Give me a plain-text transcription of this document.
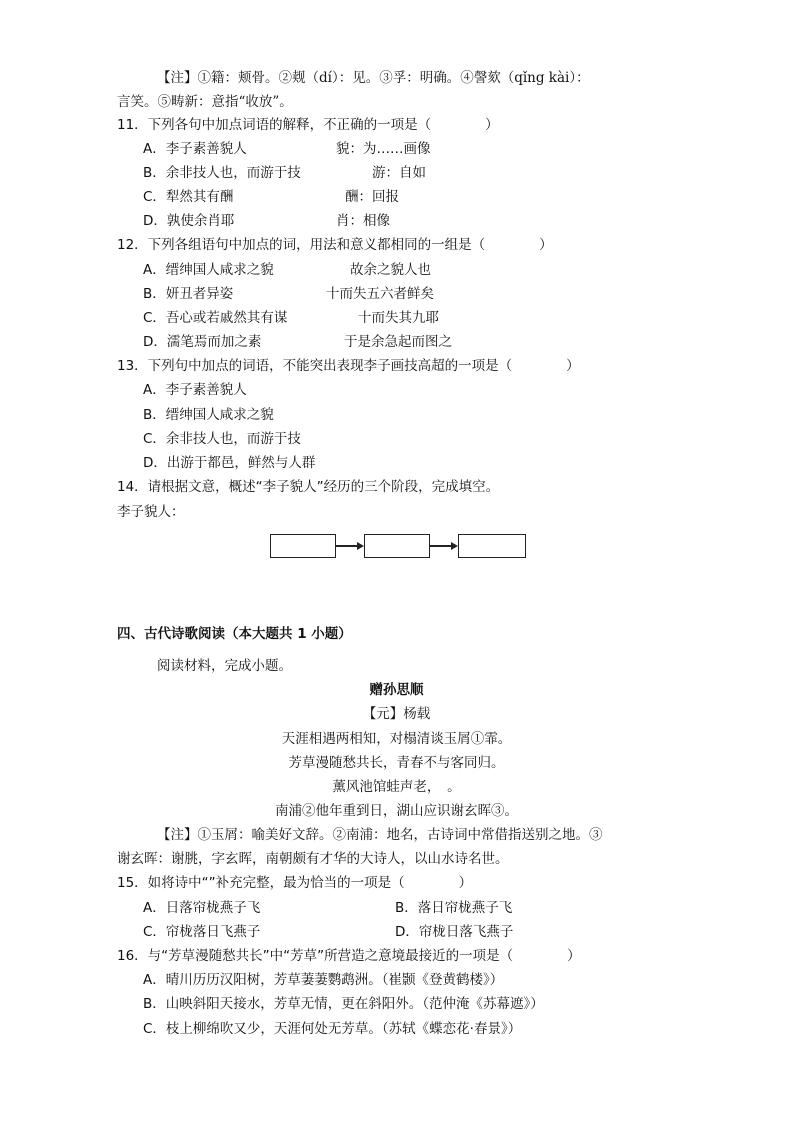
【注】①籍：颊骨。②觌（dí）：见。③孚：明确。④謦欬（qǐng kài）：
言笑。⑤畴新：意指“收放”。
11．下列各句中加点词语的解释，不正确的一项是（　　　　）
A．李子素善貌人	貌：为……画像
B．余非技人也，而游于技	游：自如
C．犁然其有酬	酬：回报
D．孰使余肖耶	肖：相像
12．下列各组语句中加点的词，用法和意义都相同的一组是（　　　　）
A．缙绅国人咸求之貌	故余之貌人也
B．妍丑者异姿	十而失五六者鲜矣
C．吾心或若戚然其有谋	十而失其九耶
D．濡笔焉而加之素	于是余急起而图之
13．下列句中加点的词语，不能突出表现李子画技高超的一项是（　　　　）
A．李子素善貌人
B．缙绅国人咸求之貌
C．余非技人也，而游于技
D．出游于都邑，鲜然与人群
14．请根据文意，概述“李子貌人”经历的三个阶段，完成填空。
李子貌人：
四、古代诗歌阅读（本大题共 1 小题）
阅读材料，完成小题。
赠孙思顺
【元】杨载
天涯相遇两相知，对榻清谈玉屑①霏。
芳草漫随愁共长，青春不与客同归。
薰风池馆蛙声老，　。
南浦②他年重到日，湖山应识谢玄晖③。
【注】①玉屑：喻美好文辞。②南浦：地名，古诗词中常借指送别之地。③
谢玄晖：谢朓，字玄晖，南朝颇有才华的大诗人，以山水诗名世。
15．如将诗中“”补充完整，最为恰当的一项是（　　　　）
A．日落帘栊燕子飞	B．落日帘栊燕子飞
C．帘栊落日飞燕子	D．帘栊日落飞燕子
16．与“芳草漫随愁共长”中“芳草”所营造之意境最接近的一项是（　　　　）
A．晴川历历汉阳树，芳草萋萋鹦鹉洲。（崔颢《登黄鹤楼》）
B．山映斜阳天接水，芳草无情，更在斜阳外。（范仲淹《苏幕遮》）
C．枝上柳绵吹又少，天涯何处无芳草。（苏轼《蝶恋花·春景》）
